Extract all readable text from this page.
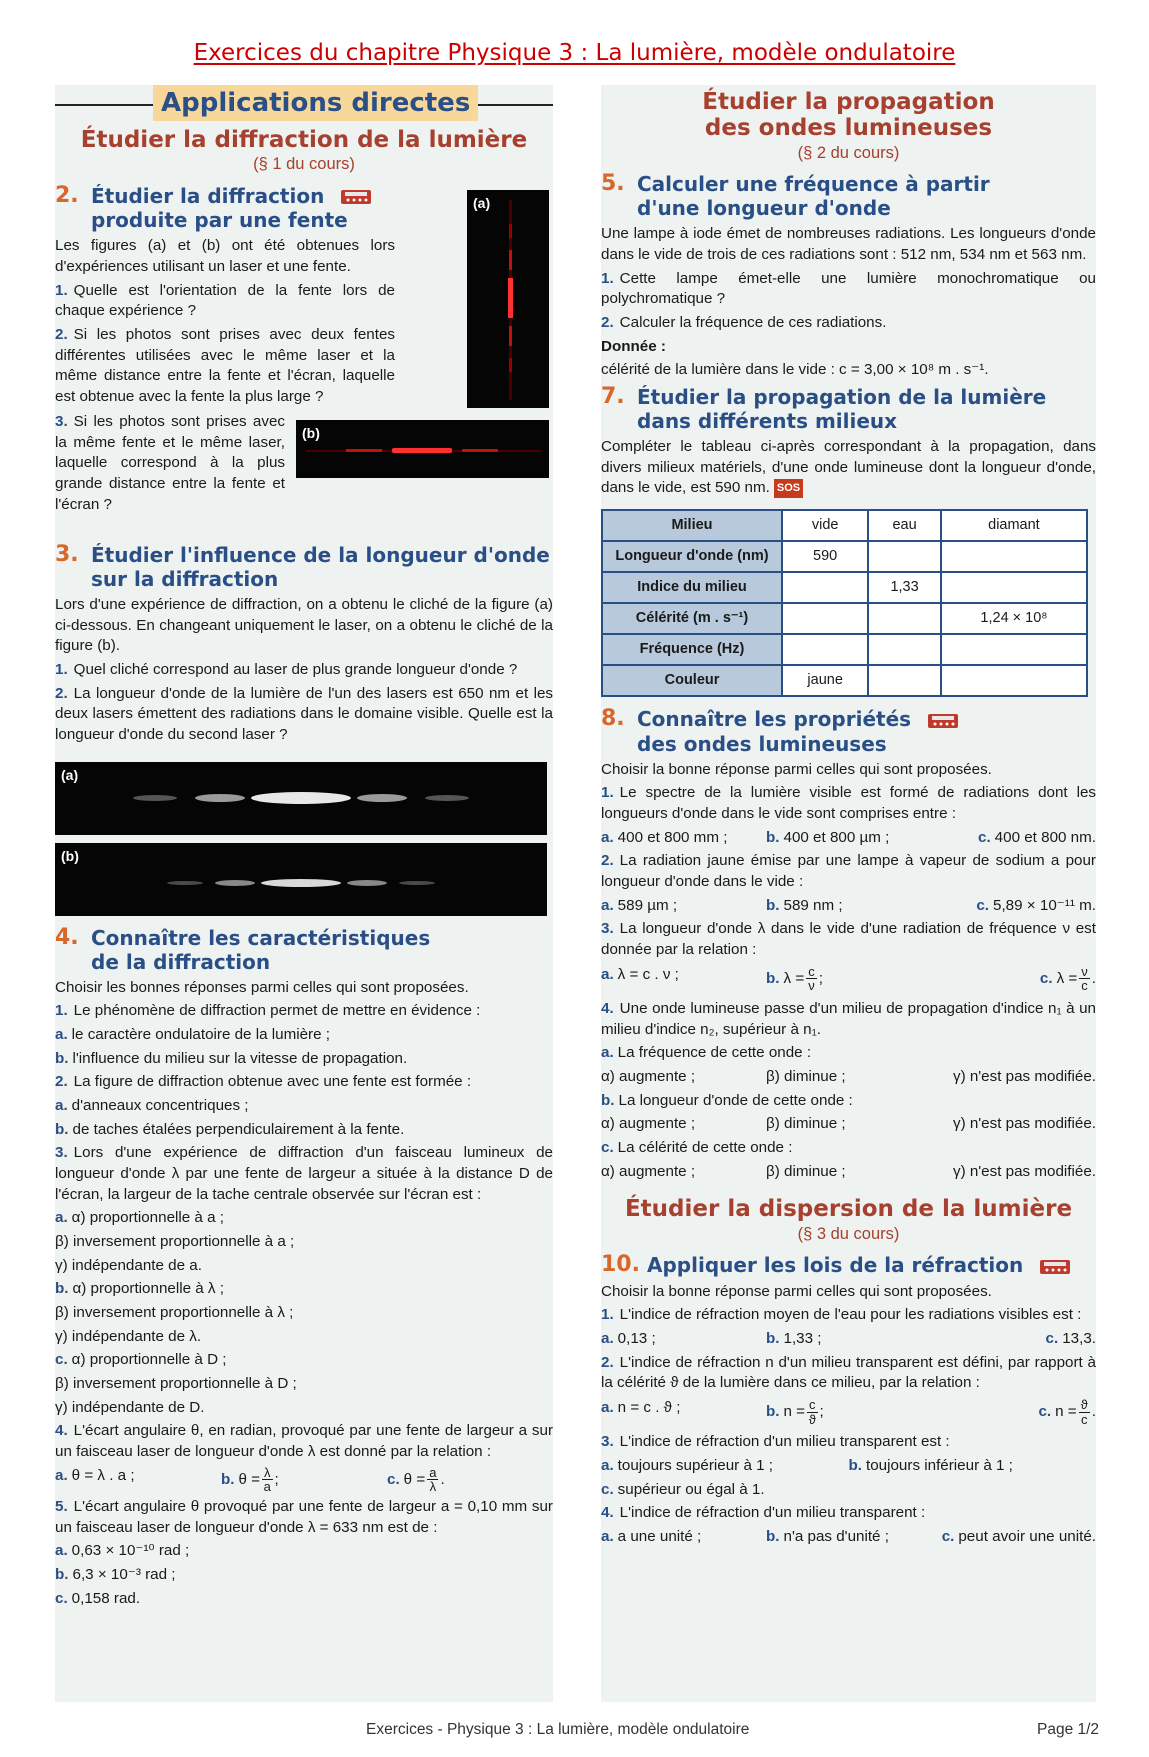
Exercices du chapitre Physique 3 : La lumière, modèle ondulatoire
Applications directes
Étudier la diffraction de la lumière
(§ 1 du cours)
2. Étudier la diffraction
produite par une fente

Les figures (a) et (b) ont été obtenues lors d'expériences utilisant un laser et une fente.

1. Quelle est l'orientation de la fente lors de chaque expérience ?

2. Si les photos sont prises avec deux fentes différentes utilisées avec le même laser et la même distance entre la fente et l'écran, laquelle est obtenue avec la fente la plus large ?

(a)

3. Si les photos sont prises avec la même fente et le même laser, laquelle correspond à la plus grande distance entre la fente et l'écran ?

(b)
3. Étudier l'influence de la longueur d'onde
sur la diffraction

Lors d'une expérience de diffraction, on a obtenu le cliché de la figure (a) ci-dessous. En changeant uniquement le laser, on a obtenu le cliché de la figure (b).

1. Quel cliché correspond au laser de plus grande longueur d'onde ?

2. La longueur d'onde de la lumière de l'un des lasers est 650 nm et les deux lasers émettent des radiations dans le domaine visible. Quelle est la longueur d'onde du second laser ?

(a)
(b)
4. Connaître les caractéristiques
de la diffraction

Choisir les bonnes réponses parmi celles qui sont proposées.

1. Le phénomène de diffraction permet de mettre en évidence :

a. le caractère ondulatoire de la lumière ;

b. l'influence du milieu sur la vitesse de propagation.

2. La figure de diffraction obtenue avec une fente est formée :

a. d'anneaux concentriques ;

b. de taches étalées perpendiculairement à la fente.

3. Lors d'une expérience de diffraction d'un faisceau lumineux de longueur d'onde λ par une fente de largeur a située à la distance D de l'écran, la largeur de la tache centrale observée sur l'écran est :

a. α) proportionnelle à a ;

β) inversement proportionnelle à a ;

γ) indépendante de a.

b. α) proportionnelle à λ ;

β) inversement proportionnelle à λ ;

γ) indépendante de λ.

c. α) proportionnelle à D ;

β) inversement proportionnelle à D ;

γ) indépendante de D.

4. L'écart angulaire θ, en radian, provoqué par une fente de largeur a sur un faisceau laser de longueur d'onde λ est donné par la relation :

a. θ = λ . a ;	b. $\theta = \frac{\lambda}{a}$ ;	c. $\theta = \frac{a}{\lambda}$ .

5. L'écart angulaire θ provoqué par une fente de largeur a = 0,10 mm sur un faisceau laser de longueur d'onde λ = 633 nm est de :

a. 0,63 × 10⁻¹⁰ rad ;

b. 6,3 × 10⁻³ rad ;

c. 0,158 rad.

Étudier la propagation
des ondes lumineuses
(§ 2 du cours)
5. Calculer une fréquence à partir
d'une longueur d'onde

Une lampe à iode émet de nombreuses radiations. Les longueurs d'onde dans le vide de trois de ces radiations sont : 512 nm, 534 nm et 563 nm.

1. Cette lampe émet-elle une lumière monochromatique ou polychromatique ?

2. Calculer la fréquence de ces radiations.

Donnée :

célérité de la lumière dans le vide : c = 3,00 × 10⁸ m . s⁻¹.

7. Étudier la propagation de la lumière
dans différents milieux

Compléter le tableau ci-après correspondant à la propagation, dans divers milieux matériels, d'une onde lumineuse dont la longueur d'onde, dans le vide, est 590 nm. SOS

Milieu	vide	eau	diamant
Longueur d'onde (nm)	590		
Indice du milieu		1,33	
Célérité (m . s⁻¹)			1,24 × 10⁸
Fréquence (Hz)			
Couleur	jaune		
8. Connaître les propriétés
des ondes lumineuses

Choisir la bonne réponse parmi celles qui sont proposées.

1. Le spectre de la lumière visible est formé de radiations dont les longueurs d'onde dans le vide sont comprises entre :

a. 400 et 800 mm ;	b. 400 et 800 µm ;	c. 400 et 800 nm.

2. La radiation jaune émise par une lampe à vapeur de sodium a pour longueur d'onde dans le vide :

a. 589 µm ;	b. 589 nm ;	c. 5,89 × 10⁻¹¹ m.

3. La longueur d'onde λ dans le vide d'une radiation de fréquence ν est donnée par la relation :

a. λ = c . ν ;	b. $\lambda = \frac{c}{\nu}$ ;	c. $\lambda = \frac{\nu}{c}$ .

4. Une onde lumineuse passe d'un milieu de propagation d'indice n₁ à un milieu d'indice n₂, supérieur à n₁.

a. La fréquence de cette onde :

α) augmente ;	β) diminue ;	γ) n'est pas modifiée.

b. La longueur d'onde de cette onde :

α) augmente ;	β) diminue ;	γ) n'est pas modifiée.

c. La célérité de cette onde :

α) augmente ;	β) diminue ;	γ) n'est pas modifiée.
Étudier la dispersion de la lumière
(§ 3 du cours)
10. Appliquer les lois de la réfraction

Choisir la bonne réponse parmi celles qui sont proposées.

1. L'indice de réfraction moyen de l'eau pour les radiations visibles est :

a. 0,13 ;	b. 1,33 ;	c. 13,3.

2. L'indice de réfraction n d'un milieu transparent est défini, par rapport à la célérité ϑ de la lumière dans ce milieu, par la relation :

a. n = c . ϑ ;	b. $n = \frac{c}{ϑ}$ ;	c. $n = \frac{ϑ}{c}$ .

3. L'indice de réfraction d'un milieu transparent est :

a. toujours supérieur à 1 ;	b. toujours inférieur à 1 ;

c. supérieur ou égal à 1.

4. L'indice de réfraction d'un milieu transparent :

a. a une unité ;	b. n'a pas d'unité ;	c. peut avoir une unité.
Exercices - Physique 3 : La lumière, modèle ondulatoire	Page 1/2
